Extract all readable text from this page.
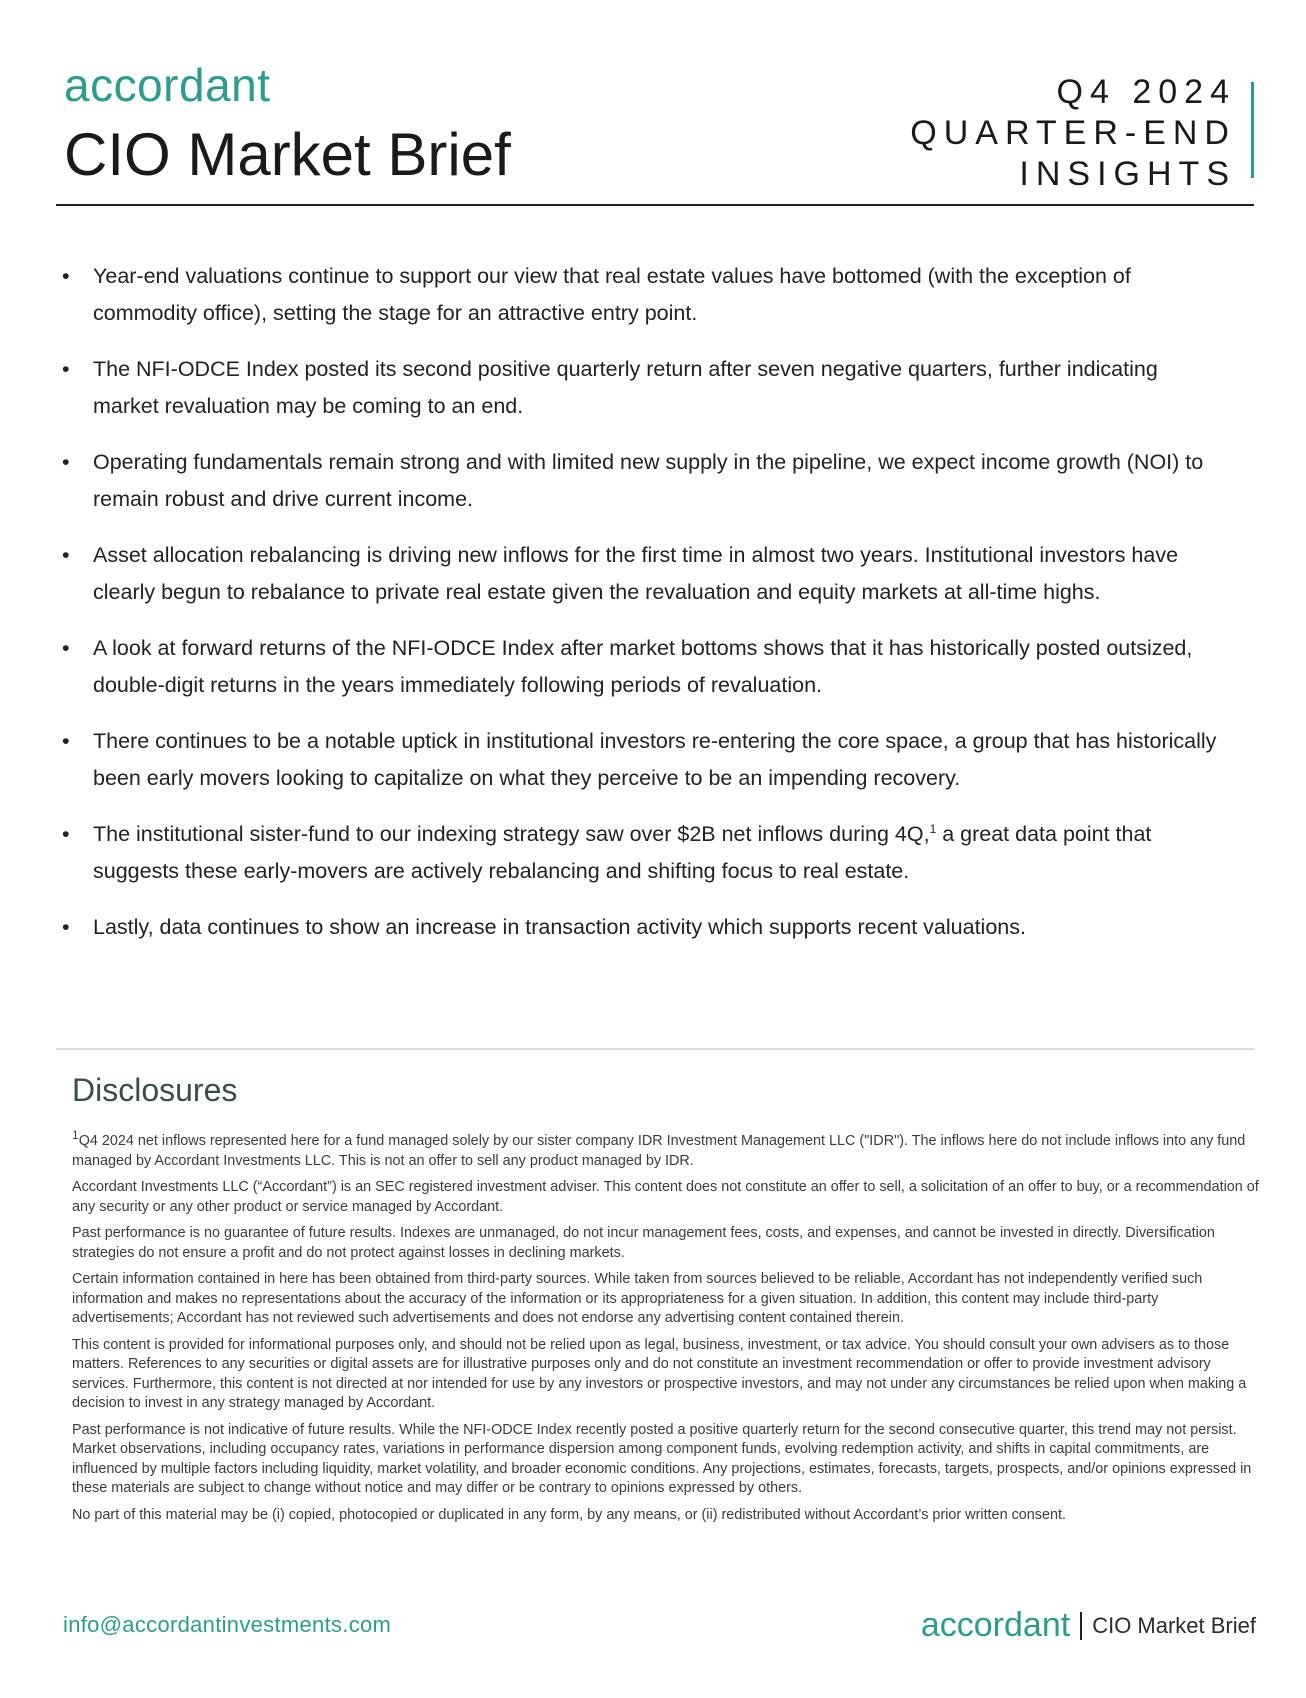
accordant
CIO Market Brief
Q4 2024
QUARTER-END
INSIGHTS
• Year-end valuations continue to support our view that real estate values have bottomed (with the exception of commodity office), setting the stage for an attractive entry point.
• The NFI-ODCE Index posted its second positive quarterly return after seven negative quarters, further indicating market revaluation may be coming to an end.
• Operating fundamentals remain strong and with limited new supply in the pipeline, we expect income growth (NOI) to remain robust and drive current income.
• Asset allocation rebalancing is driving new inflows for the first time in almost two years. Institutional investors have clearly begun to rebalance to private real estate given the revaluation and equity markets at all-time highs.
• A look at forward returns of the NFI-ODCE Index after market bottoms shows that it has historically posted outsized, double-digit returns in the years immediately following periods of revaluation.
• There continues to be a notable uptick in institutional investors re-entering the core space, a group that has historically been early movers looking to capitalize on what they perceive to be an impending recovery.
• The institutional sister-fund to our indexing strategy saw over $2B net inflows during 4Q,$^1$ a great data point that suggests these early-movers are actively rebalancing and shifting focus to real estate.
• Lastly, data continues to show an increase in transaction activity which supports recent valuations.
Disclosures

$^1$Q4 2024 net inflows represented here for a fund managed solely by our sister company IDR Investment Management LLC ("IDR"). The inflows here do not include inflows into any fund managed by Accordant Investments LLC. This is not an offer to sell any product managed by IDR.

Accordant Investments LLC (“Accordant”) is an SEC registered investment adviser. This content does not constitute an offer to sell, a solicitation of an offer to buy, or a recommendation of any security or any other product or service managed by Accordant.

Past performance is no guarantee of future results. Indexes are unmanaged, do not incur management fees, costs, and expenses, and cannot be invested in directly. Diversification strategies do not ensure a profit and do not protect against losses in declining markets.

Certain information contained in here has been obtained from third-party sources. While taken from sources believed to be reliable, Accordant has not independently verified such information and makes no representations about the accuracy of the information or its appropriateness for a given situation. In addition, this content may include third-party advertisements; Accordant has not reviewed such advertisements and does not endorse any advertising content contained therein.

This content is provided for informational purposes only, and should not be relied upon as legal, business, investment, or tax advice. You should consult your own advisers as to those matters. References to any securities or digital assets are for illustrative purposes only and do not constitute an investment recommendation or offer to provide investment advisory services. Furthermore, this content is not directed at nor intended for use by any investors or prospective investors, and may not under any circumstances be relied upon when making a decision to invest in any strategy managed by Accordant.

Past performance is not indicative of future results. While the NFI-ODCE Index recently posted a positive quarterly return for the second consecutive quarter, this trend may not persist. Market observations, including occupancy rates, variations in performance dispersion among component funds, evolving redemption activity, and shifts in capital commitments, are influenced by multiple factors including liquidity, market volatility, and broader economic conditions. Any projections, estimates, forecasts, targets, prospects, and/or opinions expressed in these materials are subject to change without notice and may differ or be contrary to opinions expressed by others.

No part of this material may be (i) copied, photocopied or duplicated in any form, by any means, or (ii) redistributed without Accordant’s prior written consent.

info@accordantinvestments.com	accordant CIO Market Brief
